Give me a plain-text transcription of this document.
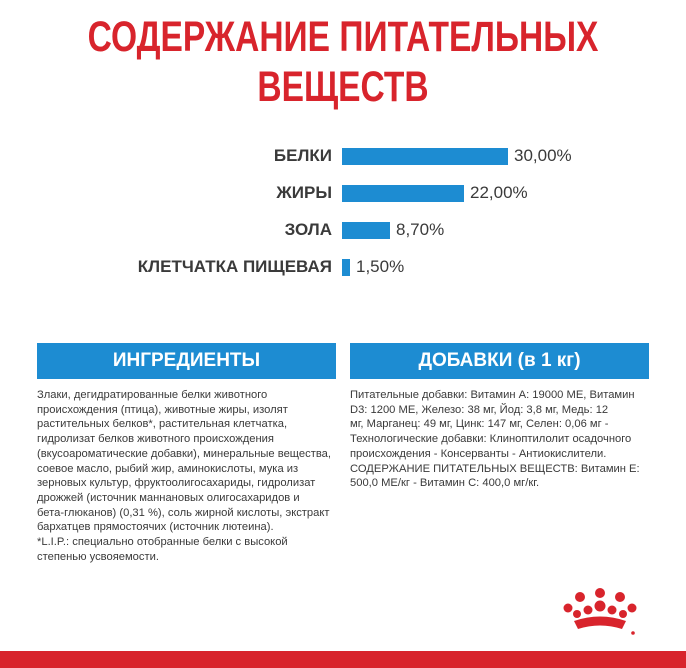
СОДЕРЖАНИЕ ПИТАТЕЛЬНЫХ
ВЕЩЕСТВ
БЕЛКИ	30,00%
ЖИРЫ	22,00%
ЗОЛА	8,70%
КЛЕТЧАТКА ПИЩЕВАЯ 1,50%
ИНГРЕДИЕНТЫ
Злаки, дегидратированные белки животного
происхождения (птица), животные жиры, изолят
растительных белков*, растительная клетчатка,
гидролизат белков животного происхождения
(вкусоароматические добавки), минеральные вещества,
соевое масло, рыбий жир, аминокислоты, мука из
зерновых культур, фруктоолигосахариды, гидролизат
дрожжей (источник маннановых олигосахаридов и
бета-глюканов) (0,31 %), соль жирной кислоты, экстракт
бархатцев прямостоячих (источник лютеина).
*L.I.P.: специально отобранные белки с высокой
степенью усвояемости.
ДОБАВКИ (в 1 кг)
Питательные добавки: Витамин А: 19000 МЕ, Витамин
D3: 1200 МЕ, Железо: 38 мг, Йод: 3,8 мг, Медь: 12
мг, Марганец: 49 мг, Цинк: 147 мг, Селен: 0,06 мг -
Технологические добавки: Клиноптилолит осадочного
происхождения - Консерванты - Антиокислители.
СОДЕРЖАНИЕ ПИТАТЕЛЬНЫХ ВЕЩЕСТВ: Витамин Е:
500,0 МЕ/кг - Витамин С: 400,0 мг/кг.
